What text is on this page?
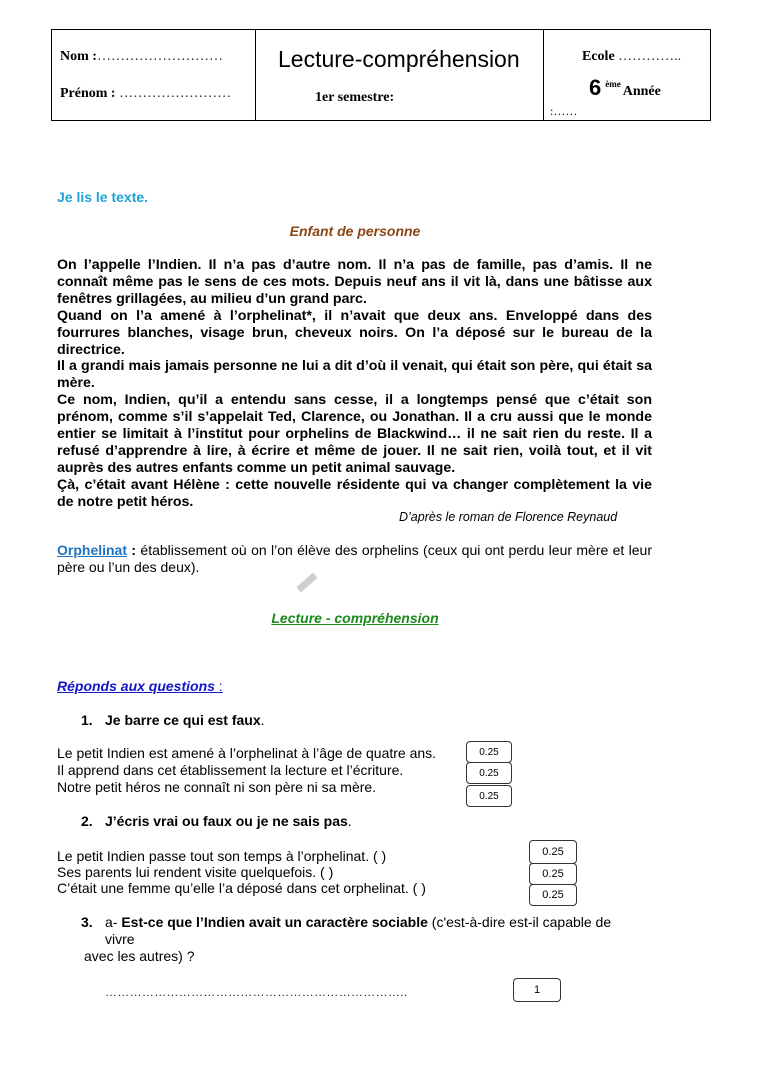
Nom :………………………
Prénom : ……………………
Lecture-compréhension
1er semestre:
Ecole …………..
6 $^{ème}$ Année
:……
Je lis le texte.
Enfant de personne

On l’appelle l’Indien. Il n’a pas d’autre nom. Il n’a pas de famille, pas d’amis. Il ne connaît même pas le sens de ces mots. Depuis neuf ans il vit là, dans une bâtisse aux fenêtres grillagées, au milieu d’un grand parc.

Quand on l’a amené à l’orphelinat*, il n’avait que deux ans. Enveloppé dans des fourrures blanches, visage brun, cheveux noirs. On l’a déposé sur le bureau de la directrice.

Il a grandi mais jamais personne ne lui a dit d’où il venait, qui était son père, qui était sa mère.

Ce nom, Indien, qu’il a entendu sans cesse, il a longtemps pensé que c’était son prénom, comme s’il s’appelait Ted, Clarence, ou Jonathan. Il a cru aussi que le monde entier se limitait à l’institut pour orphelins de Blackwind… il ne sait rien du reste. Il a refusé d’apprendre à lire, à écrire et même de jouer. Il ne sait rien, voilà tout, et il vit auprès des autres enfants comme un petit animal sauvage.

Çà, c’était avant Hélène : cette nouvelle résidente qui va changer complètement la vie de notre petit héros.

D’après le roman de Florence Reynaud
Orphelinat : établissement où on l’on élève des orphelins (ceux qui ont perdu leur mère et leur père ou l’un des deux).
Lecture - compréhension
Réponds aux questions :
1. Je barre ce qui est faux.
Le petit Indien est amené à l’orphelinat à l’âge de quatre ans.
Il apprend dans cet établissement la lecture et l’écriture.
Notre petit héros ne connaît ni son père ni sa mère.
0.25
0.25
0.25
2. J’écris vrai ou faux ou je ne sais pas.
Le petit Indien passe tout son temps à l’orphelinat. ( )
Ses parents lui rendent visite quelquefois. ( )
C’était une femme qu’elle l’a déposé dans cet orphelinat. ( )
0.25
0.25
0.25
3. a- Est-ce que l’Indien avait un caractère sociable (c'est-à-dire est-il capable de
vivre
avec les autres) ?
………………………………………………………………..	1
